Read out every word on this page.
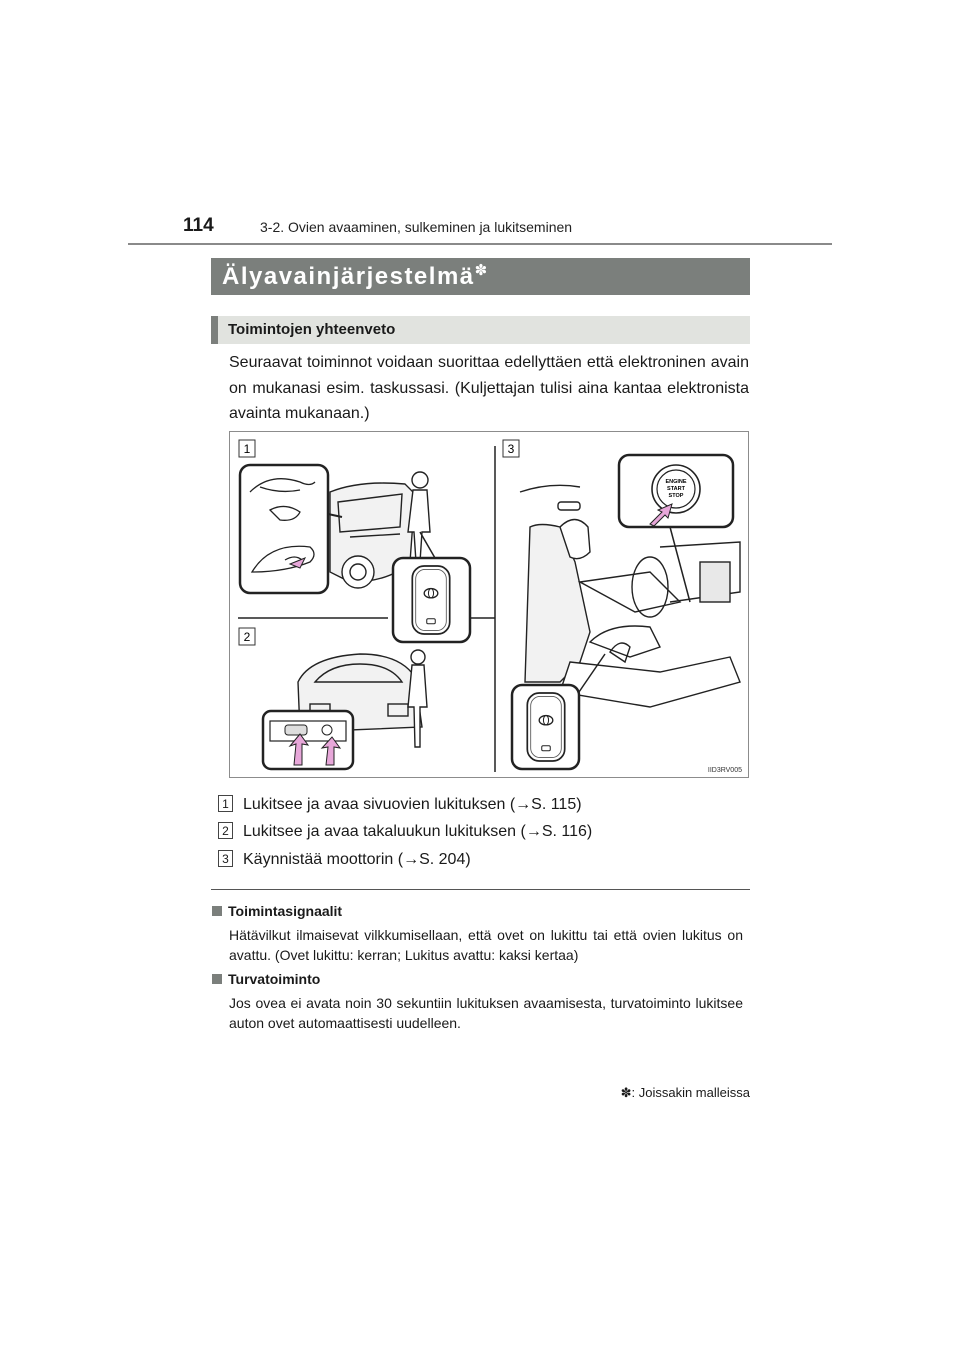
114	3-2. Ovien avaaminen, sulkeminen ja lukitseminen
Älyavainjärjestelmä✽
Toimintojen yhteenveto
Seuraavat toiminnot voidaan suorittaa edellyttäen että elektroninen avain on mukanasi esim. taskussasi. (Kuljettajan tulisi aina kantaa elektronista avainta mukanaan.)
1
2
3
ENGINE
START
STOP
IID3RV005
1 Lukitsee ja avaa sivuovien lukituksen (→S. 115)
2 Lukitsee ja avaa takaluukun lukituksen (→S. 116)
3 Käynnistää moottorin (→S. 204)
Toimintasignaalit
Hätävilkut ilmaisevat vilkkumisellaan, että ovet on lukittu tai että ovien lukitus on avattu. (Ovet lukittu: kerran; Lukitus avattu: kaksi kertaa)
Turvatoiminto
Jos ovea ei avata noin 30 sekuntiin lukituksen avaamisesta, turvatoiminto lukitsee auton ovet automaattisesti uudelleen.
✽: Joissakin malleissa
